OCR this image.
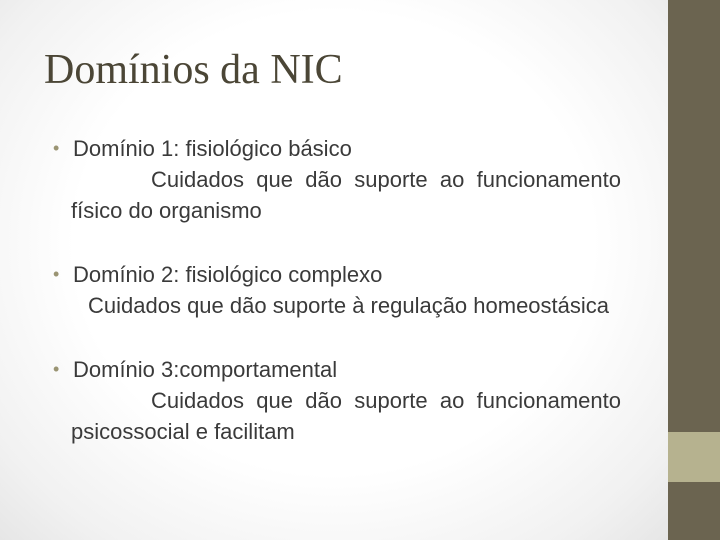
Domínios da NIC
• Domínio 1: fisiológico básico
Cuidados que dão suporte ao funcionamento físico do organismo
• Domínio 2: fisiológico complexo
Cuidados que dão suporte à regulação homeostásica
• Domínio 3:comportamental
Cuidados que dão suporte ao funcionamento psicossocial e facilitam
